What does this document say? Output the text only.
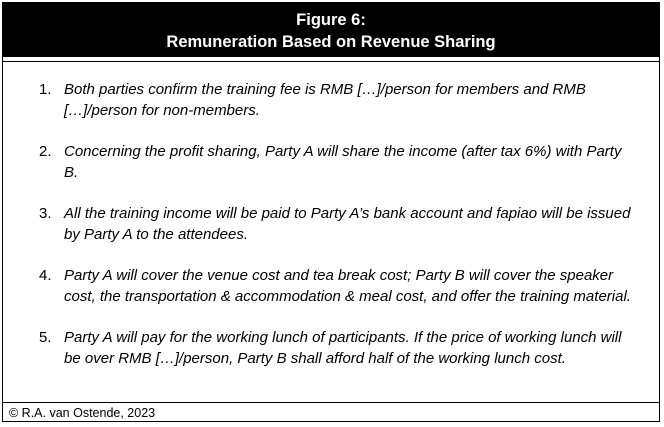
Figure 6:
Remuneration Based on Revenue Sharing
1. Both parties confirm the training fee is RMB […]/person for members and RMB […]/person for non-members.
2. Concerning the profit sharing, Party A will share the income (after tax 6%) with Party B.
3. All the training income will be paid to Party A’s bank account and fapiao will be issued by Party A to the attendees.
4. Party A will cover the venue cost and tea break cost; Party B will cover the speaker cost, the transportation & accommodation & meal cost, and offer the training material.
5. Party A will pay for the working lunch of participants. If the price of working lunch will be over RMB […]/person, Party B shall afford half of the working lunch cost.
© R.A. van Ostende, 2023
